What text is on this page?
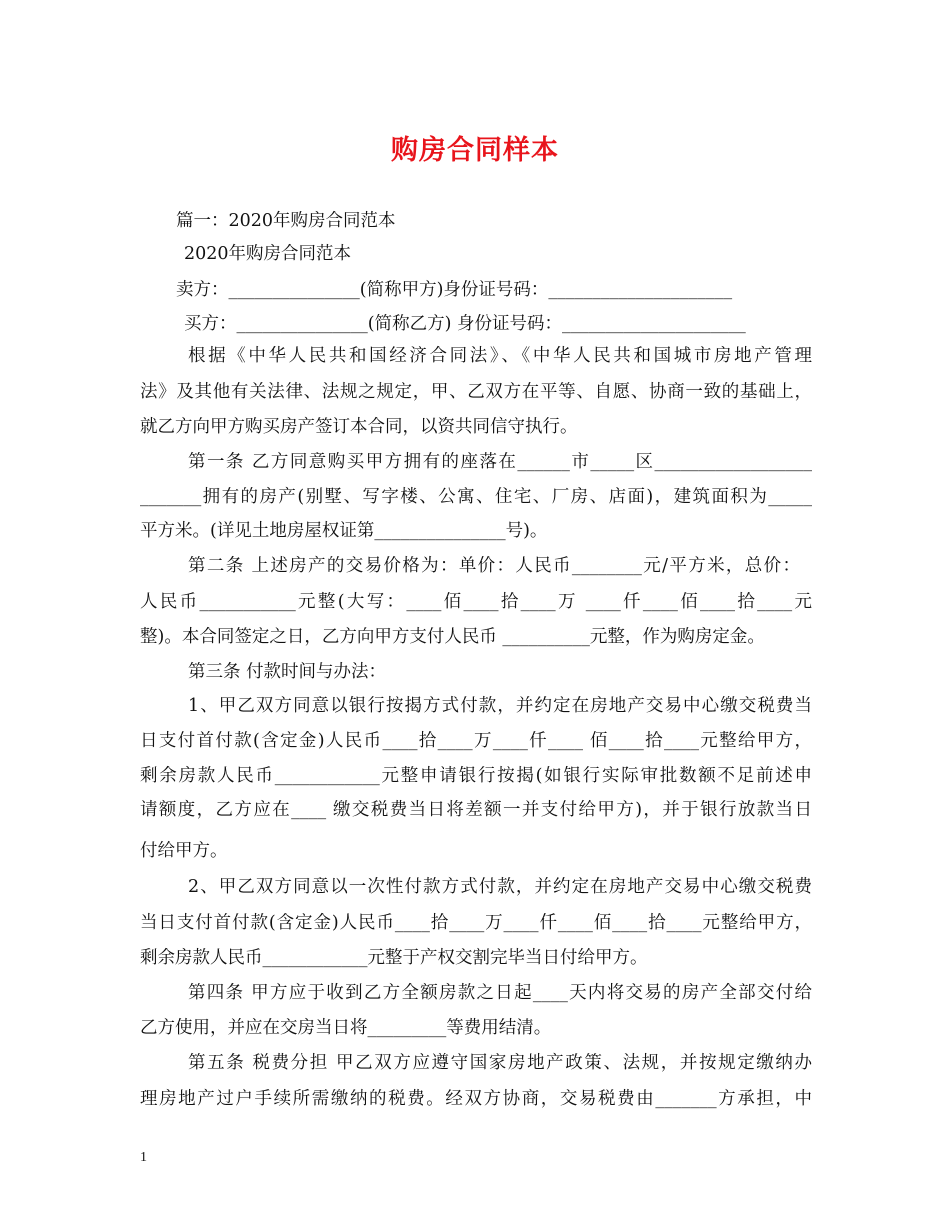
购房合同样本
篇一：2020年购房合同范本
2020年购房合同范本
卖方：_______________(简称甲方)身份证号码：_____________________
买方：_______________(简称乙方) 身份证号码：_____________________
根据《中华人民共和国经济合同法》、《中华人民共和国城市房地产管理
法》及其他有关法律、法规之规定，甲、乙双方在平等、自愿、协商一致的基础上，
就乙方向甲方购买房产签订本合同，以资共同信守执行。
第一条 乙方同意购买甲方拥有的座落在______市_____区__________________
_______拥有的房产(别墅、写字楼、公寓、住宅、厂房、店面)，建筑面积为_____
平方米。(详见土地房屋权证第_______________号)。
第二条 上述房产的交易价格为：单价：人民币________元/平方米，总价：
人民币___________元整(大写：____佰____拾____万 ____仟____佰____拾____元
整)。本合同签定之日，乙方向甲方支付人民币 __________元整，作为购房定金。
第三条 付款时间与办法：
1、甲乙双方同意以银行按揭方式付款，并约定在房地产交易中心缴交税费当
日支付首付款(含定金)人民币____拾____万____仟____ 佰____拾____元整给甲方，
剩余房款人民币____________元整申请银行按揭(如银行实际审批数额不足前述申
请额度，乙方应在____ 缴交税费当日将差额一并支付给甲方)，并于银行放款当日
付给甲方。
2、甲乙双方同意以一次性付款方式付款，并约定在房地产交易中心缴交税费
当日支付首付款(含定金)人民币____拾____万____仟____佰____拾____元整给甲方，
剩余房款人民币____________元整于产权交割完毕当日付给甲方。
第四条 甲方应于收到乙方全额房款之日起____天内将交易的房产全部交付给
乙方使用，并应在交房当日将_________等费用结清。
第五条 税费分担 甲乙双方应遵守国家房地产政策、法规，并按规定缴纳办
理房地产过户手续所需缴纳的税费。经双方协商，交易税费由_______方承担，中
1
